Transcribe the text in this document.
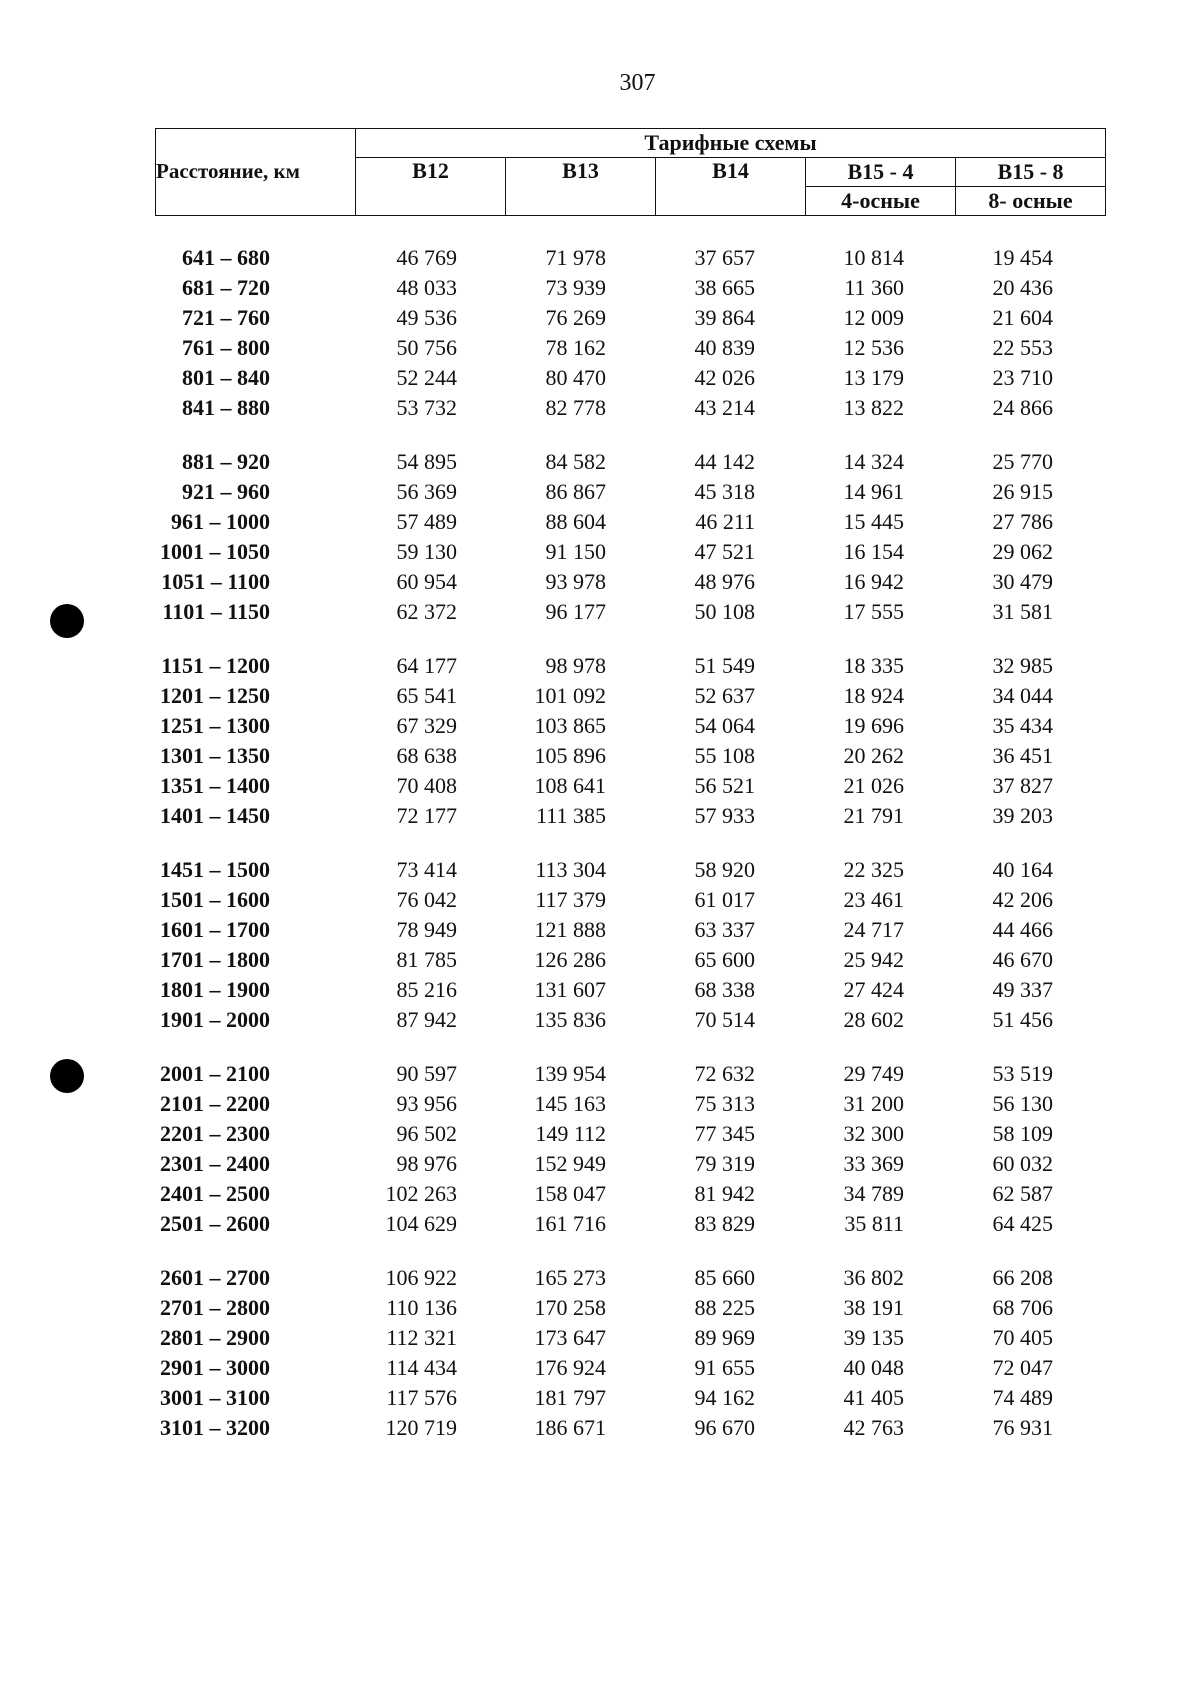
307
Расстояние, км	Тарифные схемы				
	В12	В13	В14	В15 - 4	В15 - 8
				4-осные	8- осные
641 – 680	46 769	71 978	37 657	10 814	19 454
681 – 720	48 033	73 939	38 665	11 360	20 436
721 – 760	49 536	76 269	39 864	12 009	21 604
761 – 800	50 756	78 162	40 839	12 536	22 553
801 – 840	52 244	80 470	42 026	13 179	23 710
841 – 880	53 732	82 778	43 214	13 822	24 866
881 – 920	54 895	84 582	44 142	14 324	25 770
921 – 960	56 369	86 867	45 318	14 961	26 915
961 – 1000	57 489	88 604	46 211	15 445	27 786
1001 – 1050	59 130	91 150	47 521	16 154	29 062
1051 – 1100	60 954	93 978	48 976	16 942	30 479
1101 – 1150	62 372	96 177	50 108	17 555	31 581
1151 – 1200	64 177	98 978	51 549	18 335	32 985
1201 – 1250	65 541	101 092	52 637	18 924	34 044
1251 – 1300	67 329	103 865	54 064	19 696	35 434
1301 – 1350	68 638	105 896	55 108	20 262	36 451
1351 – 1400	70 408	108 641	56 521	21 026	37 827
1401 – 1450	72 177	111 385	57 933	21 791	39 203
1451 – 1500	73 414	113 304	58 920	22 325	40 164
1501 – 1600	76 042	117 379	61 017	23 461	42 206
1601 – 1700	78 949	121 888	63 337	24 717	44 466
1701 – 1800	81 785	126 286	65 600	25 942	46 670
1801 – 1900	85 216	131 607	68 338	27 424	49 337
1901 – 2000	87 942	135 836	70 514	28 602	51 456
2001 – 2100	90 597	139 954	72 632	29 749	53 519
2101 – 2200	93 956	145 163	75 313	31 200	56 130
2201 – 2300	96 502	149 112	77 345	32 300	58 109
2301 – 2400	98 976	152 949	79 319	33 369	60 032
2401 – 2500	102 263	158 047	81 942	34 789	62 587
2501 – 2600	104 629	161 716	83 829	35 811	64 425
2601 – 2700	106 922	165 273	85 660	36 802	66 208
2701 – 2800	110 136	170 258	88 225	38 191	68 706
2801 – 2900	112 321	173 647	89 969	39 135	70 405
2901 – 3000	114 434	176 924	91 655	40 048	72 047
3001 – 3100	117 576	181 797	94 162	41 405	74 489
3101 – 3200	120 719	186 671	96 670	42 763	76 931
